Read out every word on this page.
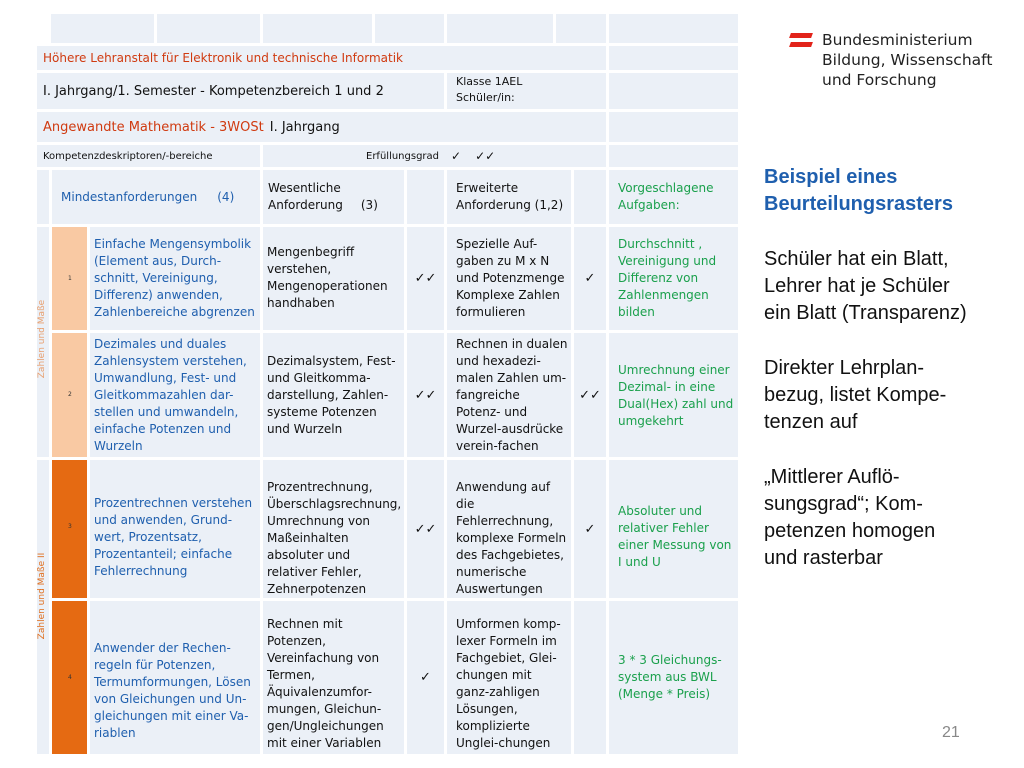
Höhere Lehranstalt für Elektronik und technische Informatik
I. Jahrgang/1. Semester - Kompetenzbereich 1 und 2
Klasse 1AEL
Schüler/in:
Angewandte Mathematik - 3WOSt I. Jahrgang
Kompetenzdeskriptoren/-bereiche	Erfüllungsgrad ✓ ✓✓
Mindestanforderungen (4)
Wesentliche
Anforderung (3)
Erweiterte Anforderung (1,2)
Vorgeschlagene Aufgaben:
Zahlen und Maße
Zahlen und Maße II
1
Einfache Mengensymbolik (Element aus, Durch-schnitt, Vereinigung, Differenz) anwenden, Zahlenbereiche abgrenzen
Mengenbegriff verstehen, Mengenoperationen handhaben
✓✓
Spezielle Auf-gaben zu M x N und Potenzmenge Komplexe Zahlen formulieren
✓
Durchschnitt , Vereinigung und Differenz von Zahlenmengen bilden
2
Dezimales und duales Zahlensystem verstehen, Umwandlung, Fest- und Gleitkommazahlen dar-stellen und umwandeln, einfache Potenzen und Wurzeln
Dezimalsystem, Fest- und Gleitkomma-darstellung, Zahlen-systeme Potenzen und Wurzeln
✓✓
Rechnen in dualen und hexadezi-malen Zahlen um-fangreiche Potenz- und Wurzel-ausdrücke verein-fachen
✓✓
Umrechnung einer Dezimal- in eine Dual(Hex) zahl und umgekehrt
3
Prozentrechnen verstehen und anwenden, Grund-wert, Prozentsatz, Prozentanteil; einfache Fehlerrechnung
Prozentrechnung, Überschlagsrechnung, Umrechnung von Maßeinhalten absoluter und relativer Fehler, Zehnerpotenzen
✓✓
Anwendung auf die Fehlerrechnung, komplexe Formeln des Fachgebietes, numerische Auswertungen
✓
Absoluter und relativer Fehler einer Messung von I und U
4
Anwender der Rechen-regeln für Potenzen, Termumformungen, Lösen von Gleichungen und Un-gleichungen mit einer Va-riablen
Rechnen mit Potenzen, Vereinfachung von Termen, Äquivalenzumfor-mungen, Gleichun-gen/Ungleichungen mit einer Variablen
✓
Umformen komp-lexer Formeln im Fachgebiet, Glei-chungen mit ganz-zahligen Lösungen, komplizierte Unglei-chungen
3 * 3 Gleichungs-system aus BWL (Menge * Preis)
Bundesministerium
Bildung, Wissenschaft
und Forschung
Beispiel eines
Beurteilungsrasters
Schüler hat ein Blatt,
Lehrer hat je Schüler
ein Blatt (Transparenz)
Direkter Lehrplan-
bezug, listet Kompe-
tenzen auf
„Mittlerer Auflö-
sungsgrad“; Kom-
petenzen homogen
und rasterbar
21
